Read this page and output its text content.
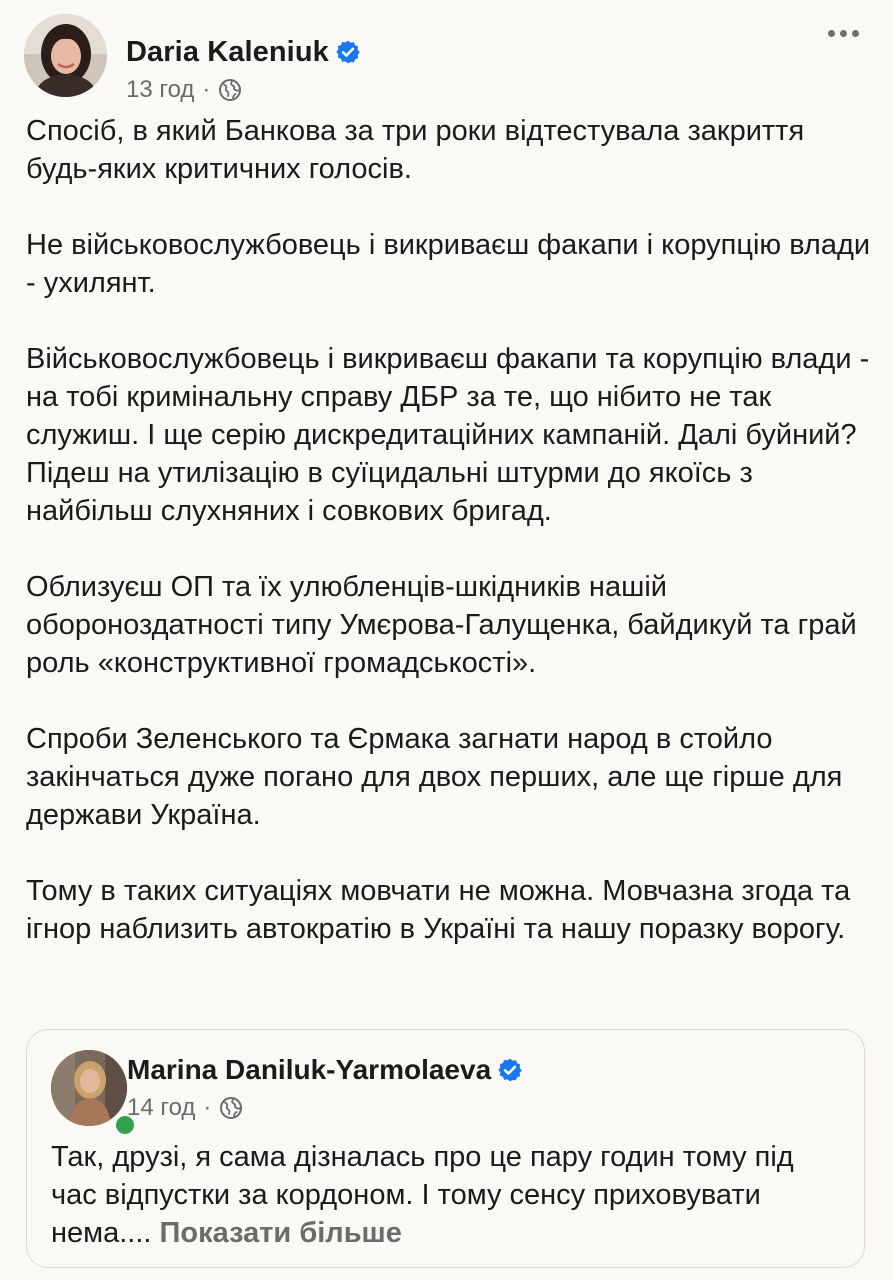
Daria Kaleniuk
13 год ·

Спосіб, в який Банкова за три роки відтестувала закриття будь-яких критичних голосів.

Не військовослужбовець і викриваєш факапи і корупцію влади - ухилянт.

Військовослужбовець і викриваєш факапи та корупцію влади - на тобі кримінальну справу ДБР за те, що нібито не так служиш. І ще серію дискредитаційних кампаній. Далі буйний? Підеш на утилізацію в суїцидальні штурми до якоїсь з найбільш слухняних і совкових бригад.

Облизуєш ОП та їх улюбленців-шкідників нашій обороноздатності типу Умєрова-Галущенка, байдикуй та грай роль «конструктивної громадськості».

Спроби Зеленського та Єрмака загнати народ в стойло закінчаться дуже погано для двох перших, але ще гірше для держави Україна.

Тому в таких ситуаціях мовчати не можна. Мовчазна згода та ігнор наблизить автократію в Україні та нашу поразку ворогу.

Marina Daniluk-Yarmolaeva
14 год ·
Так, друзі, я сама дізналась про це пару годин тому під час відпустки за кордоном. І тому сенсу приховувати нема.... Показати більше
